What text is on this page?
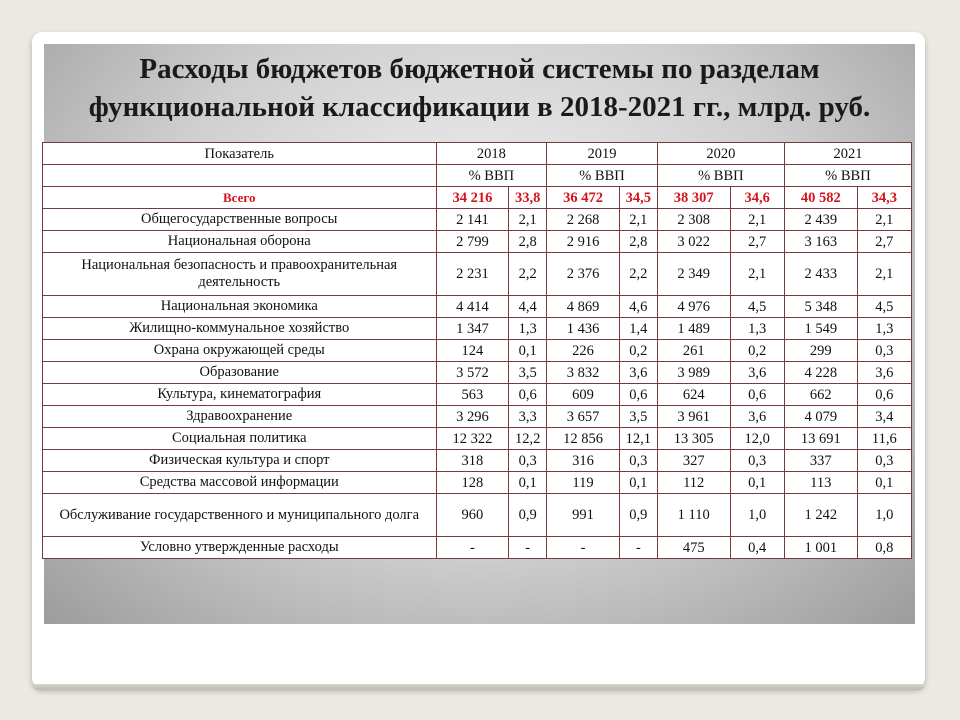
Расходы бюджетов бюджетной системы по разделам
функциональной классификации в 2018-2021 гг., млрд. руб.
Показатель	2018		2019		2020		2021	
	% ВВП		% ВВП		% ВВП		% ВВП	
Всего	34 216	33,8	36 472	34,5	38 307	34,6	40 582	34,3
Общегосударственные вопросы	2 141	2,1	2 268	2,1	2 308	2,1	2 439	2,1
Национальная оборона	2 799	2,8	2 916	2,8	3 022	2,7	3 163	2,7
Национальная безопасность и правоохранительная деятельность	2 231	2,2	2 376	2,2	2 349	2,1	2 433	2,1
Национальная экономика	4 414	4,4	4 869	4,6	4 976	4,5	5 348	4,5
Жилищно-коммунальное хозяйство	1 347	1,3	1 436	1,4	1 489	1,3	1 549	1,3
Охрана окружающей среды	124	0,1	226	0,2	261	0,2	299	0,3
Образование	3 572	3,5	3 832	3,6	3 989	3,6	4 228	3,6
Культура, кинематография	563	0,6	609	0,6	624	0,6	662	0,6
Здравоохранение	3 296	3,3	3 657	3,5	3 961	3,6	4 079	3,4
Социальная политика	12 322	12,2	12 856	12,1	13 305	12,0	13 691	11,6
Физическая культура и спорт	318	0,3	316	0,3	327	0,3	337	0,3
Средства массовой информации	128	0,1	119	0,1	112	0,1	113	0,1
Обслуживание государственного и муниципального долга	960	0,9	991	0,9	1 110	1,0	1 242	1,0
Условно утвержденные расходы	-	-	-	-	475	0,4	1 001	0,8
